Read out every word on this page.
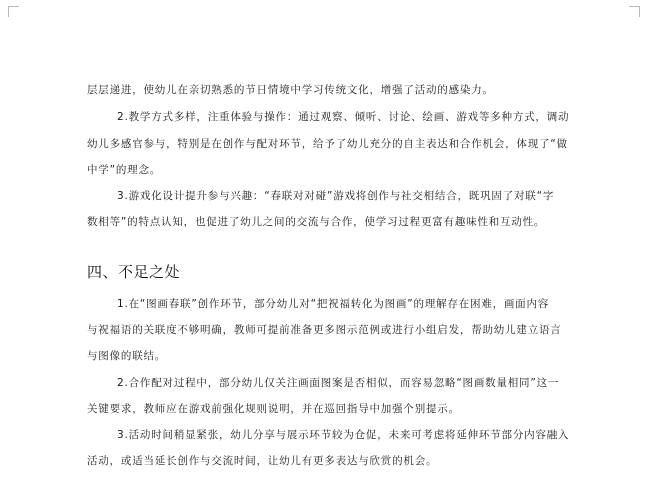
层层递进，使幼儿在亲切熟悉的节日情境中学习传统文化，增强了活动的感染力。
2.教学方式多样，注重体验与操作：通过观察、倾听、讨论、绘画、游戏等多种方式，调动
幼儿多感官参与，特别是在创作与配对环节，给予了幼儿充分的自主表达和合作机会，体现了“做
中学”的理念。
3.游戏化设计提升参与兴趣：“春联对对碰”游戏将创作与社交相结合，既巩固了对联“字
数相等”的特点认知，也促进了幼儿之间的交流与合作，使学习过程更富有趣味性和互动性。
四、不足之处
1.在“图画春联”创作环节，部分幼儿对“把祝福转化为图画”的理解存在困难，画面内容
与祝福语的关联度不够明确，教师可提前准备更多图示范例或进行小组启发，帮助幼儿建立语言
与图像的联结。
2.合作配对过程中，部分幼儿仅关注画面图案是否相似，而容易忽略“图画数量相同”这一
关键要求，教师应在游戏前强化规则说明，并在巡回指导中加强个别提示。
3.活动时间稍显紧张，幼儿分享与展示环节较为仓促，未来可考虑将延伸环节部分内容融入
活动，或适当延长创作与交流时间，让幼儿有更多表达与欣赏的机会。
